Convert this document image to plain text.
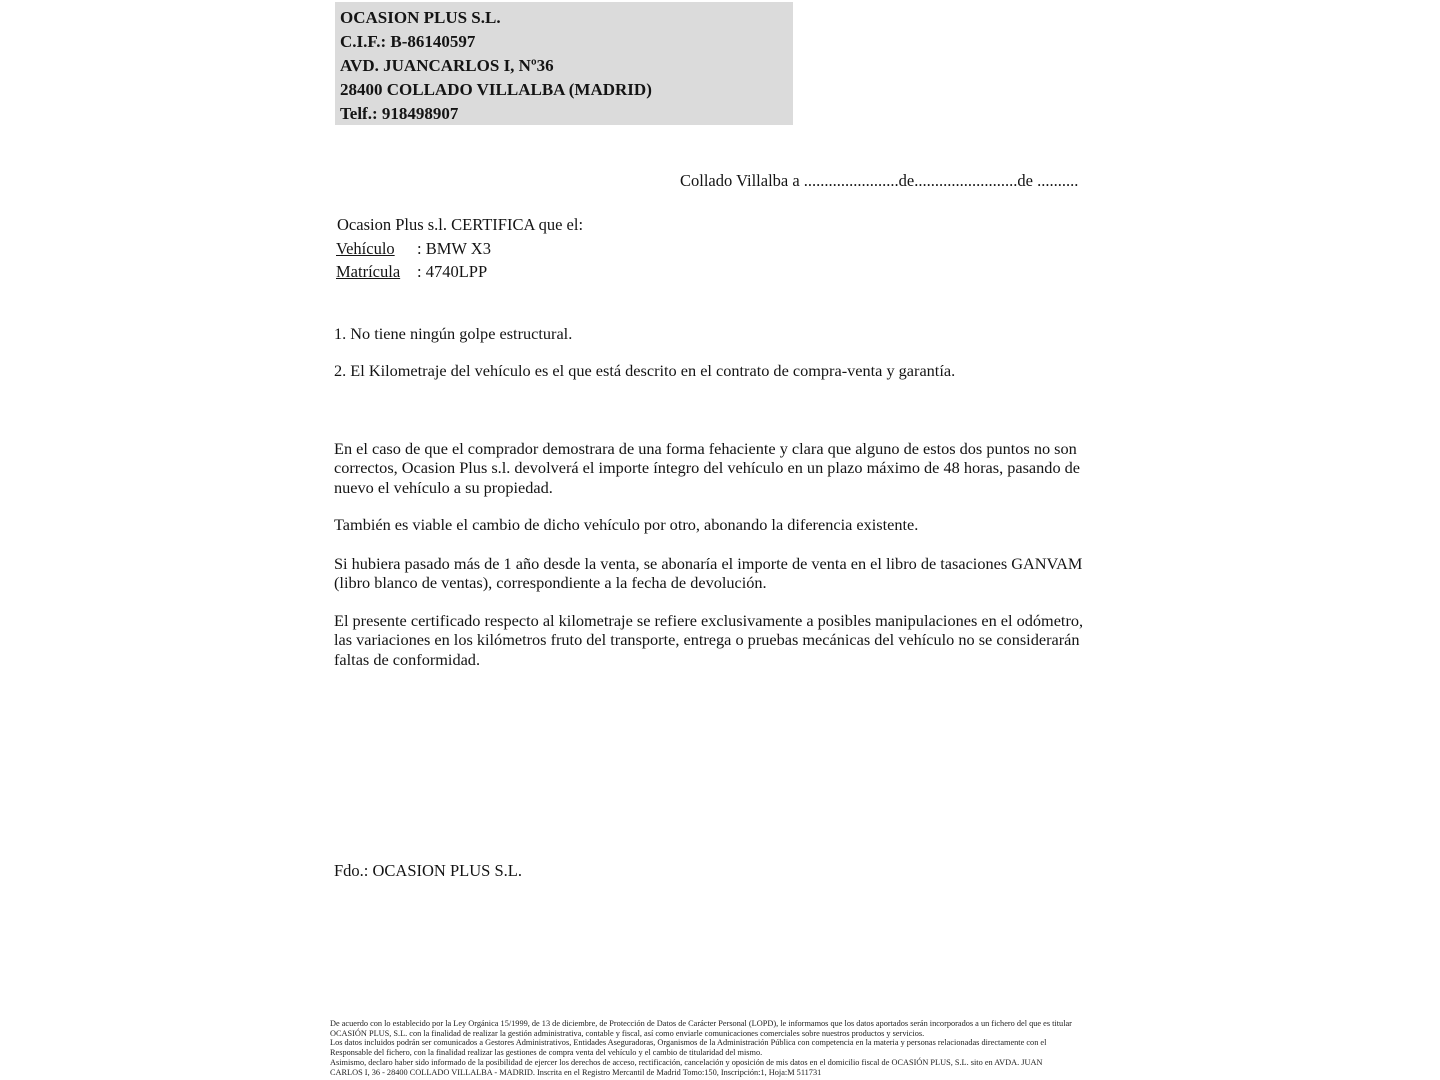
OCASION PLUS S.L.
C.I.F.: B-86140597
AVD. JUANCARLOS I, Nº36
28400 COLLADO VILLALBA (MADRID)
Telf.: 918498907
Collado Villalba a .......................de.........................de ..........
Ocasion Plus s.l. CERTIFICA que el:
Vehículo : BMW X3
Matrícula : 4740LPP
1. No tiene ningún golpe estructural.
2. El Kilometraje del vehículo es el que está descrito en el contrato de compra-venta y garantía.
En el caso de que el comprador demostrara de una forma fehaciente y clara que alguno de estos dos puntos no son correctos, Ocasion Plus s.l. devolverá el importe íntegro del vehículo en un plazo máximo de 48 horas, pasando de nuevo el vehículo a su propiedad.
También es viable el cambio de dicho vehículo por otro, abonando la diferencia existente.
Si hubiera pasado más de 1 año desde la venta, se abonaría el importe de venta en el libro de tasaciones GANVAM (libro blanco de ventas), correspondiente a la fecha de devolución.
El presente certificado respecto al kilometraje se refiere exclusivamente a posibles manipulaciones en el odómetro, las variaciones en los kilómetros fruto del transporte, entrega o pruebas mecánicas del vehículo no se considerarán faltas de conformidad.
Fdo.: OCASION PLUS S.L.
De acuerdo con lo establecido por la Ley Orgánica 15/1999, de 13 de diciembre, de Protección de Datos de Carácter Personal (LOPD), le informamos que los datos aportados serán incorporados a un fichero del que es titular
OCASIÓN PLUS, S.L. con la finalidad de realizar la gestión administrativa, contable y fiscal, así como enviarle comunicaciones comerciales sobre nuestros productos y servicios.
Los datos incluidos podrán ser comunicados a Gestores Administrativos, Entidades Aseguradoras, Organismos de la Administración Pública con competencia en la materia y personas relacionadas directamente con el
Responsable del fichero, con la finalidad realizar las gestiones de compra venta del vehículo y el cambio de titularidad del mismo.
Asimismo, declaro haber sido informado de la posibilidad de ejercer los derechos de acceso, rectificación, cancelación y oposición de mis datos en el domicilio fiscal de OCASIÓN PLUS, S.L. sito en AVDA. JUAN
CARLOS I, 36 - 28400 COLLADO VILLALBA - MADRID. Inscrita en el Registro Mercantil de Madrid Tomo:150, Inscripción:1, Hoja:M 511731
